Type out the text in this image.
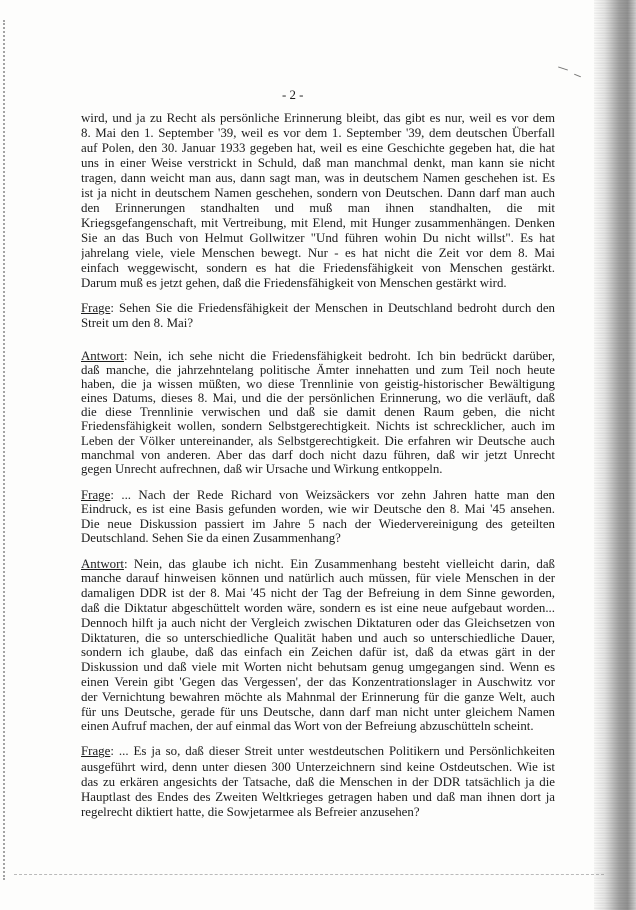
- 2 -
wird, und ja zu Recht als persönliche Erinnerung bleibt, das gibt es nur, weil es vor dem
8. Mai den 1. September '39, weil es vor dem 1. September '39, dem deutschen Überfall
auf Polen, den 30. Januar 1933 gegeben hat, weil es eine Geschichte gegeben hat, die hat
uns in einer Weise verstrickt in Schuld, daß man manchmal denkt, man kann sie nicht
tragen, dann weicht man aus, dann sagt man, was in deutschem Namen geschehen ist. Es
ist ja nicht in deutschem Namen geschehen, sondern von Deutschen. Dann darf man auch
den Erinnerungen standhalten und muß man ihnen standhalten, die mit
Kriegsgefangenschaft, mit Vertreibung, mit Elend, mit Hunger zusammenhängen. Denken
Sie an das Buch von Helmut Gollwitzer "Und führen wohin Du nicht willst". Es hat
jahrelang viele, viele Menschen bewegt. Nur - es hat nicht die Zeit vor dem 8. Mai
einfach weggewischt, sondern es hat die Friedensfähigkeit von Menschen gestärkt.
Darum muß es jetzt gehen, daß die Friedensfähigkeit von Menschen gestärkt wird.
Frage: Sehen Sie die Friedensfähigkeit der Menschen in Deutschland bedroht durch den
Streit um den 8. Mai?
Antwort: Nein, ich sehe nicht die Friedensfähigkeit bedroht. Ich bin bedrückt darüber,
daß manche, die jahrzehntelang politische Ämter innehatten und zum Teil noch heute
haben, die ja wissen müßten, wo diese Trennlinie von geistig-historischer Bewältigung
eines Datums, dieses 8. Mai, und die der persönlichen Erinnerung, wo die verläuft, daß
die diese Trennlinie verwischen und daß sie damit denen Raum geben, die nicht
Friedensfähigkeit wollen, sondern Selbstgerechtigkeit. Nichts ist schrecklicher, auch im
Leben der Völker untereinander, als Selbstgerechtigkeit. Die erfahren wir Deutsche auch
manchmal von anderen. Aber das darf doch nicht dazu führen, daß wir jetzt Unrecht
gegen Unrecht aufrechnen, daß wir Ursache und Wirkung entkoppeln.
Frage: ... Nach der Rede Richard von Weizsäckers vor zehn Jahren hatte man den
Eindruck, es ist eine Basis gefunden worden, wie wir Deutsche den 8. Mai '45 ansehen.
Die neue Diskussion passiert im Jahre 5 nach der Wiedervereinigung des geteilten
Deutschland. Sehen Sie da einen Zusammenhang?
Antwort: Nein, das glaube ich nicht. Ein Zusammenhang besteht vielleicht darin, daß
manche darauf hinweisen können und natürlich auch müssen, für viele Menschen in der
damaligen DDR ist der 8. Mai '45 nicht der Tag der Befreiung in dem Sinne geworden,
daß die Diktatur abgeschüttelt worden wäre, sondern es ist eine neue aufgebaut worden...
Dennoch hilft ja auch nicht der Vergleich zwischen Diktaturen oder das Gleichsetzen von
Diktaturen, die so unterschiedliche Qualität haben und auch so unterschiedliche Dauer,
sondern ich glaube, daß das einfach ein Zeichen dafür ist, daß da etwas gärt in der
Diskussion und daß viele mit Worten nicht behutsam genug umgegangen sind. Wenn es
einen Verein gibt 'Gegen das Vergessen', der das Konzentrationslager in Auschwitz vor
der Vernichtung bewahren möchte als Mahnmal der Erinnerung für die ganze Welt, auch
für uns Deutsche, gerade für uns Deutsche, dann darf man nicht unter gleichem Namen
einen Aufruf machen, der auf einmal das Wort von der Befreiung abzuschütteln scheint.
Frage: ... Es ja so, daß dieser Streit unter westdeutschen Politikern und Persönlichkeiten
ausgeführt wird, denn unter diesen 300 Unterzeichnern sind keine Ostdeutschen. Wie ist
das zu erkären angesichts der Tatsache, daß die Menschen in der DDR tatsächlich ja die
Hauptlast des Endes des Zweiten Weltkrieges getragen haben und daß man ihnen dort ja
regelrecht diktiert hatte, die Sowjetarmee als Befreier anzusehen?
